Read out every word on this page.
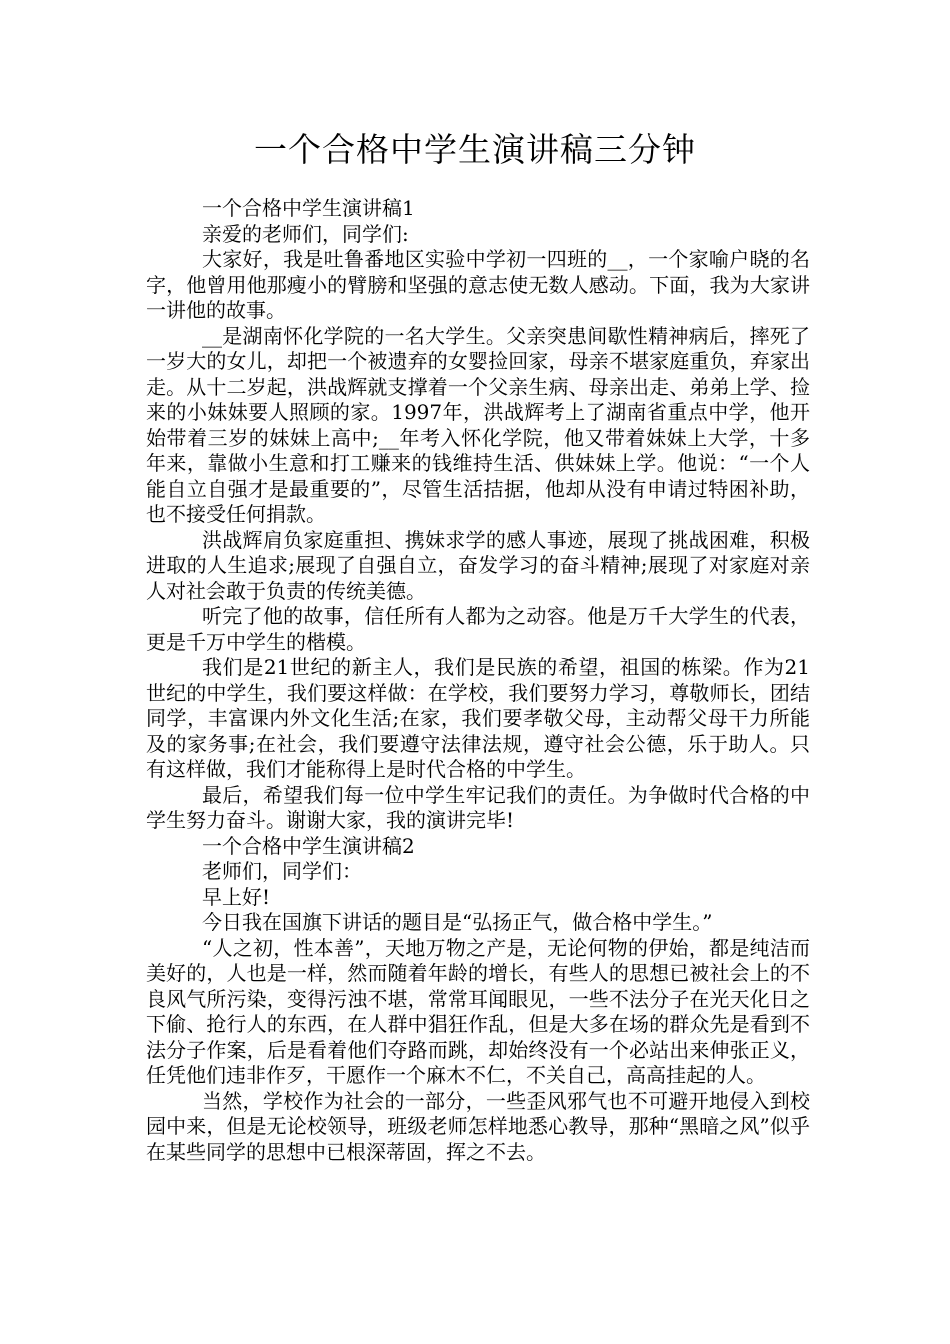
一个合格中学生演讲稿三分钟

一个合格中学生演讲稿1

亲爱的老师们，同学们:

大家好，我是吐鲁番地区实验中学初一四班的__，一个家喻户晓的名字，他曾用他那瘦小的臂膀和坚强的意志使无数人感动。下面，我为大家讲一讲他的故事。

__是湖南怀化学院的一名大学生。父亲突患间歇性精神病后，摔死了一岁大的女儿，却把一个被遗弃的女婴捡回家，母亲不堪家庭重负，弃家出走。从十二岁起，洪战辉就支撑着一个父亲生病、母亲出走、弟弟上学、捡来的小妹妹要人照顾的家。1997年，洪战辉考上了湖南省重点中学，他开始带着三岁的妹妹上高中;__年考入怀化学院，他又带着妹妹上大学，十多年来，靠做小生意和打工赚来的钱维持生活、供妹妹上学。他说：“一个人能自立自强才是最重要的”，尽管生活拮据，他却从没有申请过特困补助，也不接受任何捐款。

洪战辉肩负家庭重担、携妹求学的感人事迹，展现了挑战困难，积极进取的人生追求;展现了自强自立，奋发学习的奋斗精神;展现了对家庭对亲人对社会敢于负责的传统美德。

听完了他的故事，信任所有人都为之动容。他是万千大学生的代表，更是千万中学生的楷模。

我们是21世纪的新主人，我们是民族的希望，祖国的栋梁。作为21世纪的中学生，我们要这样做：在学校，我们要努力学习，尊敬师长，团结同学，丰富课内外文化生活;在家，我们要孝敬父母，主动帮父母干力所能及的家务事;在社会，我们要遵守法律法规，遵守社会公德，乐于助人。只有这样做，我们才能称得上是时代合格的中学生。

最后，希望我们每一位中学生牢记我们的责任。为争做时代合格的中学生努力奋斗。谢谢大家，我的演讲完毕!

一个合格中学生演讲稿2

老师们，同学们：

早上好!

今日我在国旗下讲话的题目是“弘扬正气，做合格中学生。”

“人之初，性本善”，天地万物之产是，无论何物的伊始，都是纯洁而美好的，人也是一样，然而随着年龄的增长，有些人的思想已被社会上的不良风气所污染，变得污浊不堪，常常耳闻眼见，一些不法分子在光天化日之下偷、抢行人的东西，在人群中猖狂作乱，但是大多在场的群众先是看到不法分子作案，后是看着他们夺路而跳，却始终没有一个必站出来伸张正义，任凭他们违非作歹，干愿作一个麻木不仁，不关自己，高高挂起的人。

当然，学校作为社会的一部分，一些歪风邪气也不可避开地侵入到校园中来，但是无论校领导，班级老师怎样地悉心教导，那种“黑暗之风”似乎在某些同学的思想中已根深蒂固，挥之不去。
